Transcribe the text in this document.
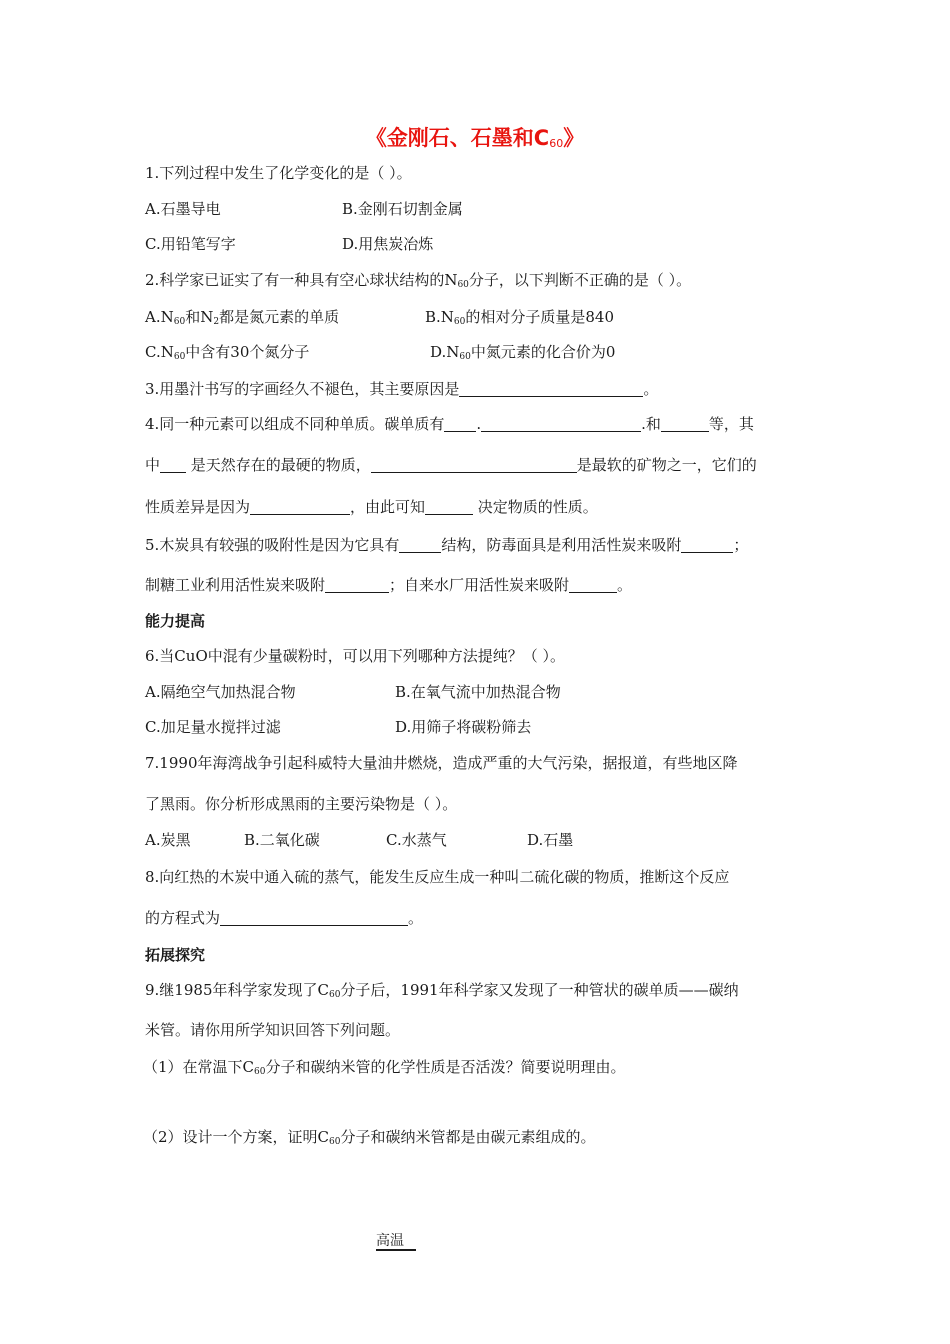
《金刚石、石墨和$C_{60}$》
1.下列过程中发生了化学变化的是（ ）。
A.石墨导电	B.金刚石切割金属
C.用铅笔写字	D.用焦炭冶炼
2.科学家已证实了有一种具有空心球状结构的$N_{60}$分子，以下判断不正确的是（ ）。
$A.N_{60}$和$N_2$都是氮元素的单质	$B.N_{60}$的相对分子质量是840
$C.N_{60}$中含有30个氮分子	$D.N_{60}$中氮元素的化合价为0
3.用墨汁书写的字画经久不褪色，其主要原因是	。
4.同一种元素可以组成不同种单质。碳单质有 .	.和	等，其
中 是天然存在的最硬的物质，	是最软的矿物之一，它们的
性质差异是因为	，由此可知	决定物质的性质。
5.木炭具有较强的吸附性是因为它具有	结构，防毒面具是利用活性炭来吸附	；
制糖工业利用活性炭来吸附	；自来水厂用活性炭来吸附	。
能力提高
6.当CuO中混有少量碳粉时，可以用下列哪种方法提纯？（ ）。
A.隔绝空气加热混合物	B.在氧气流中加热混合物
C.加足量水搅拌过滤	D.用筛子将碳粉筛去
7.1990年海湾战争引起科威特大量油井燃烧，造成严重的大气污染，据报道，有些地区降
了黑雨。你分析形成黑雨的主要污染物是（ ）。
A.炭黑	B.二氧化碳	C.水蒸气	D.石墨
8.向红热的木炭中通入硫的蒸气，能发生反应生成一种叫二硫化碳的物质，推断这个反应
的方程式为	。
拓展探究
9.继1985年科学家发现了$C_{60}$分子后，1991年科学家又发现了一种管状的碳单质——碳纳
米管。请你用所学知识回答下列问题。
（1）在常温下$C_{60}$分子和碳纳米管的化学性质是否活泼？简要说明理由。
（2）设计一个方案，证明$C_{60}$分子和碳纳米管都是由碳元素组成的。
高温
